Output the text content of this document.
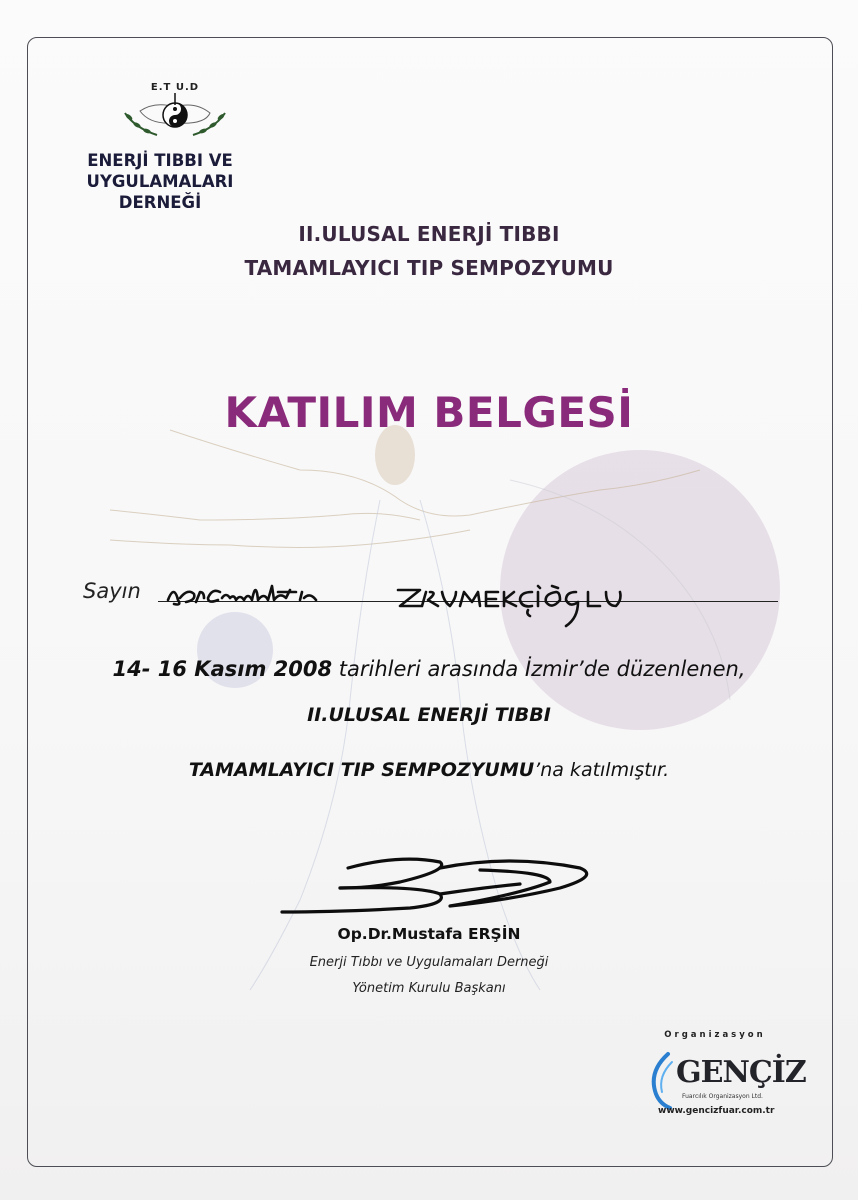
E.T U.D
ENERJİ TIBBI VE
UYGULAMALARI
DERNEĞİ
II.ULUSAL ENERJİ TIBBI
TAMAMLAYICI TIP SEMPOZYUMU
KATILIM BELGESİ
Sayın
14- 16 Kasım 2008 tarihleri arasında İzmir’de düzenlenen,
II.ULUSAL ENERJİ TIBBI
TAMAMLAYICI TIP SEMPOZYUMU’na katılmıştır.
Op.Dr.Mustafa ERŞİN
Enerji Tıbbı ve Uygulamaları Derneği
Yönetim Kurulu Başkanı
Organizasyon
GENÇİZ
Fuarcılık Organizasyon Ltd.
www.gencizfuar.com.tr
